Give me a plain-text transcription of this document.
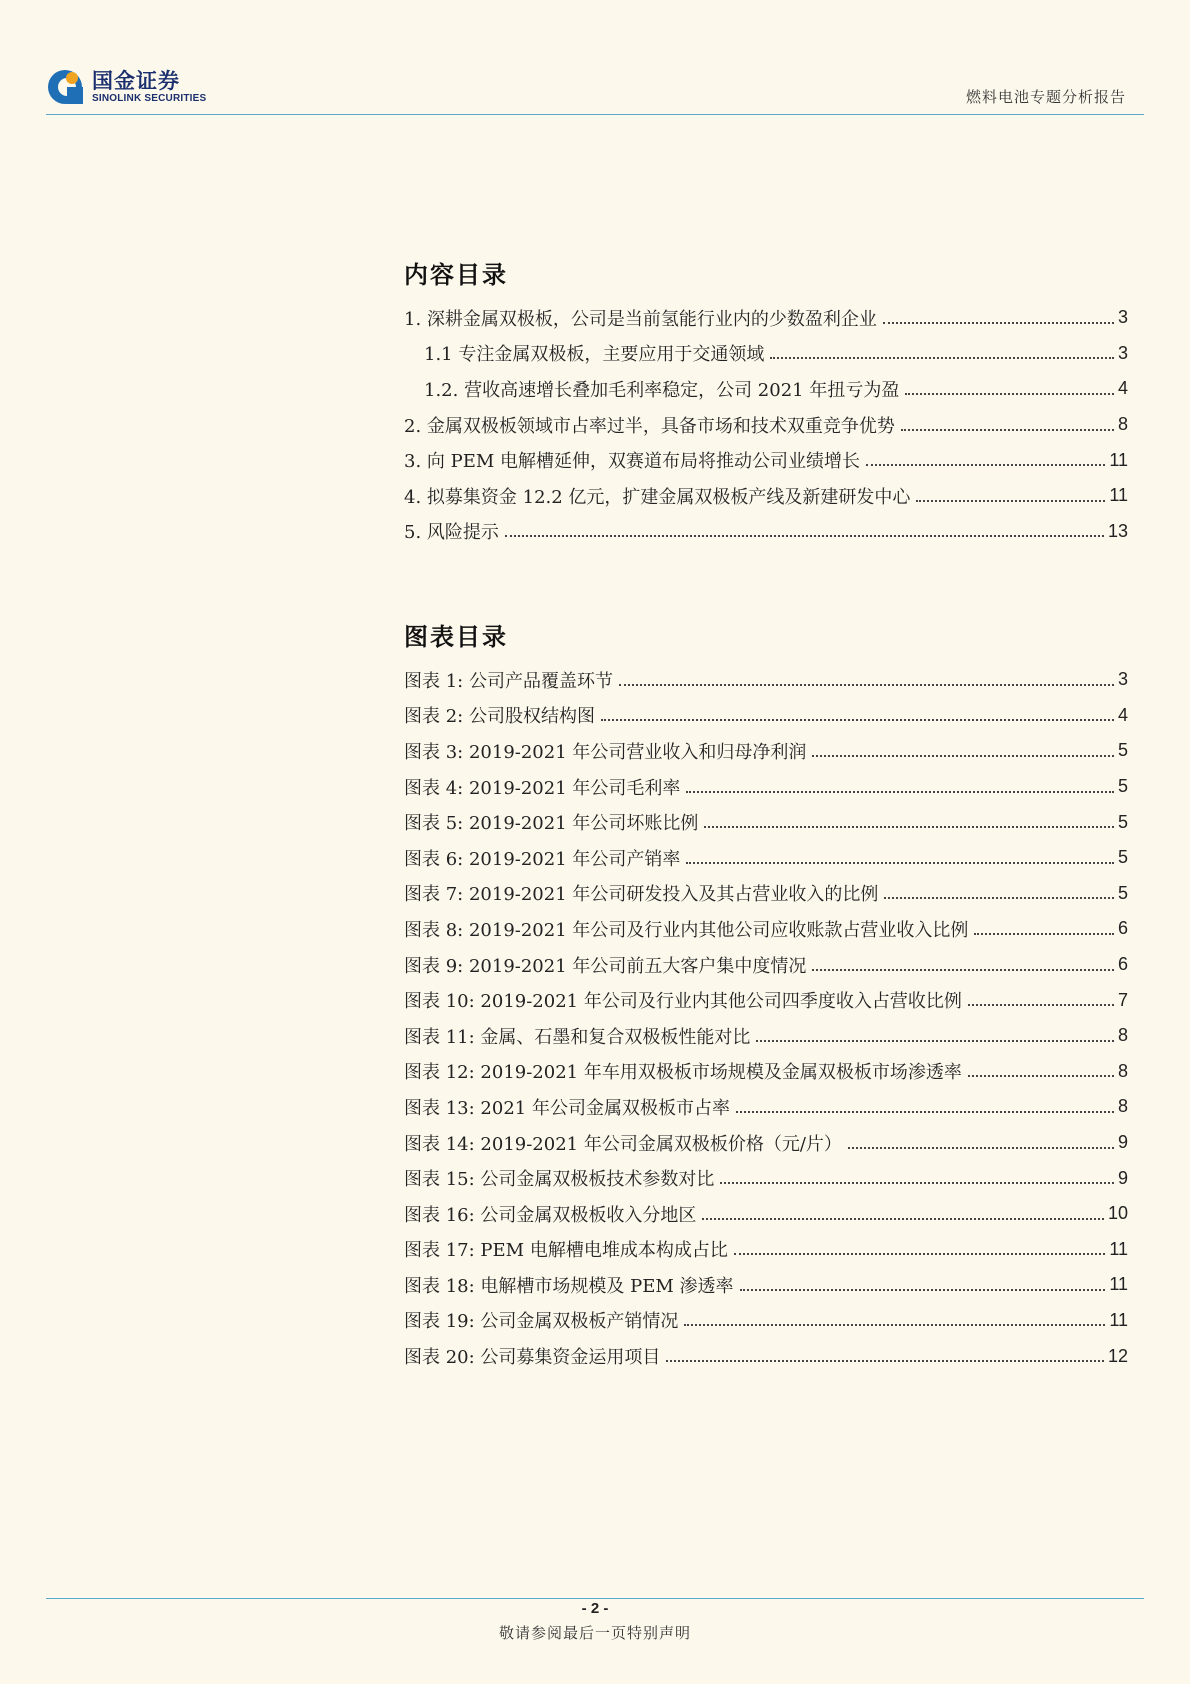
国金证券
SINOLINK SECURITIES	燃料电池专题分析报告
内容目录
1. 深耕金属双极板，公司是当前氢能行业内的少数盈利企业	3
1.1 专注金属双极板，主要应用于交通领域	3
1.2. 营收高速增长叠加毛利率稳定，公司 2021 年扭亏为盈	4
2. 金属双极板领域市占率过半，具备市场和技术双重竞争优势	8
3. 向 PEM 电解槽延伸，双赛道布局将推动公司业绩增长	11
4. 拟募集资金 12.2 亿元，扩建金属双极板产线及新建研发中心	11
5. 风险提示	13
图表目录
图表 1: 公司产品覆盖环节	3
图表 2: 公司股权结构图	4
图表 3: 2019-2021 年公司营业收入和归母净利润	5
图表 4: 2019-2021 年公司毛利率	5
图表 5: 2019-2021 年公司坏账比例	5
图表 6: 2019-2021 年公司产销率	5
图表 7: 2019-2021 年公司研发投入及其占营业收入的比例	5
图表 8: 2019-2021 年公司及行业内其他公司应收账款占营业收入比例	6
图表 9: 2019-2021 年公司前五大客户集中度情况	6
图表 10: 2019-2021 年公司及行业内其他公司四季度收入占营收比例	7
图表 11: 金属、石墨和复合双极板性能对比	8
图表 12: 2019-2021 年车用双极板市场规模及金属双极板市场渗透率	8
图表 13: 2021 年公司金属双极板市占率	8
图表 14: 2019-2021 年公司金属双极板价格（元/片）	9
图表 15: 公司金属双极板技术参数对比	9
图表 16: 公司金属双极板收入分地区	10
图表 17: PEM 电解槽电堆成本构成占比	11
图表 18: 电解槽市场规模及 PEM 渗透率	11
图表 19: 公司金属双极板产销情况	11
图表 20: 公司募集资金运用项目	12
- 2 -
敬请参阅最后一页特别声明
